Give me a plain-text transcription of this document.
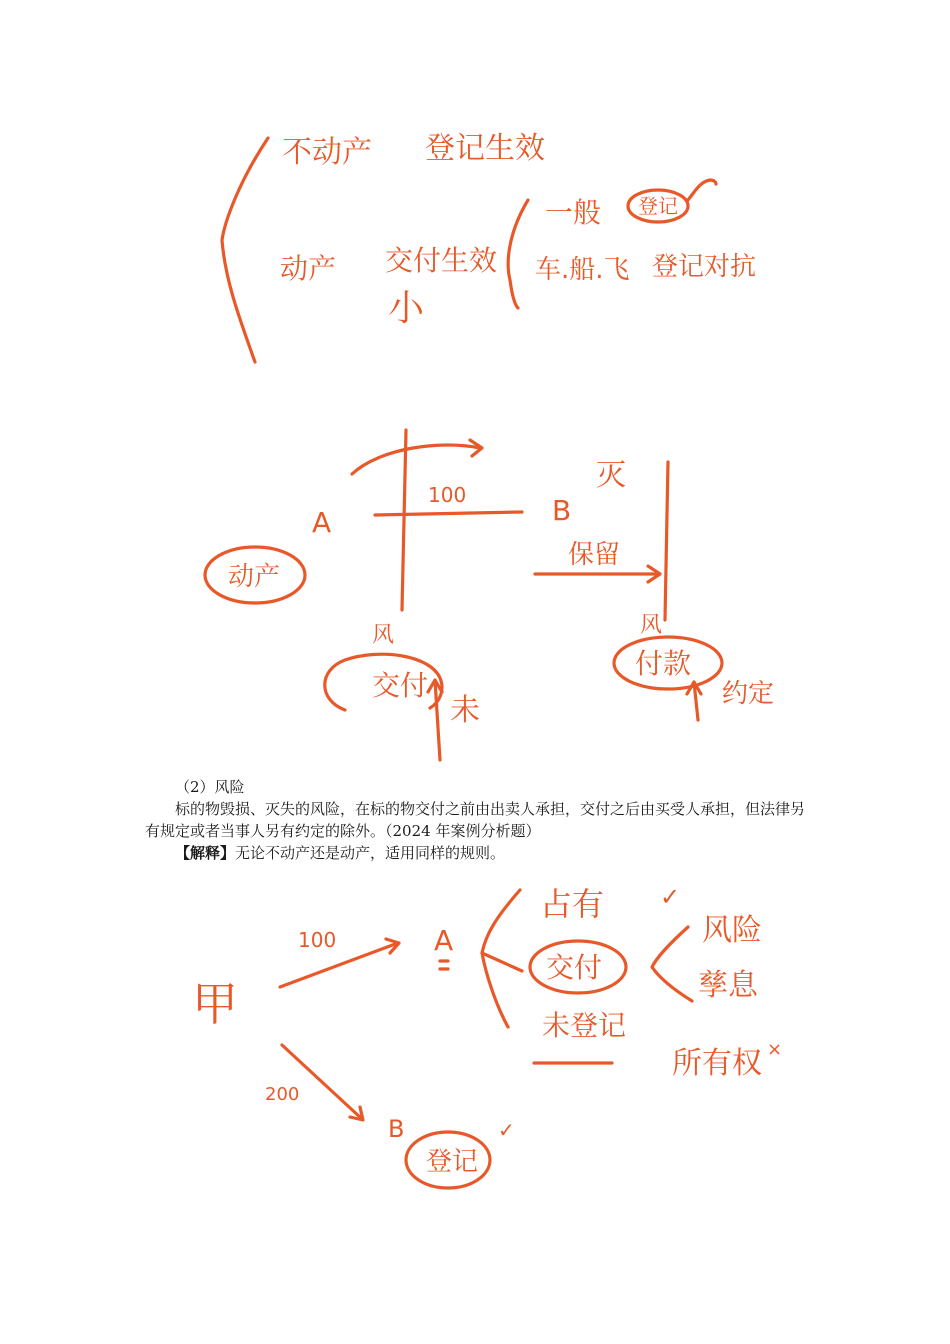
不动产 登记生效
动产 交付生效
小
一般 登记
车.船.飞 登记对抗
A
100	B
灭
保留
动产
风
交付
未
风
付款
约定

（2）风险

标的物毁损、灭失的风险，在标的物交付之前由出卖人承担，交付之后由买受人承担，但法律另有规定或者当事人另有约定的除外。（2024 年案例分析题）

【解释】无论不动产还是动产，适用同样的规则。

甲
100	A
占有 ✓
交付
未登记
风险
孳息
所有权 ×
200
B
登记
✓
